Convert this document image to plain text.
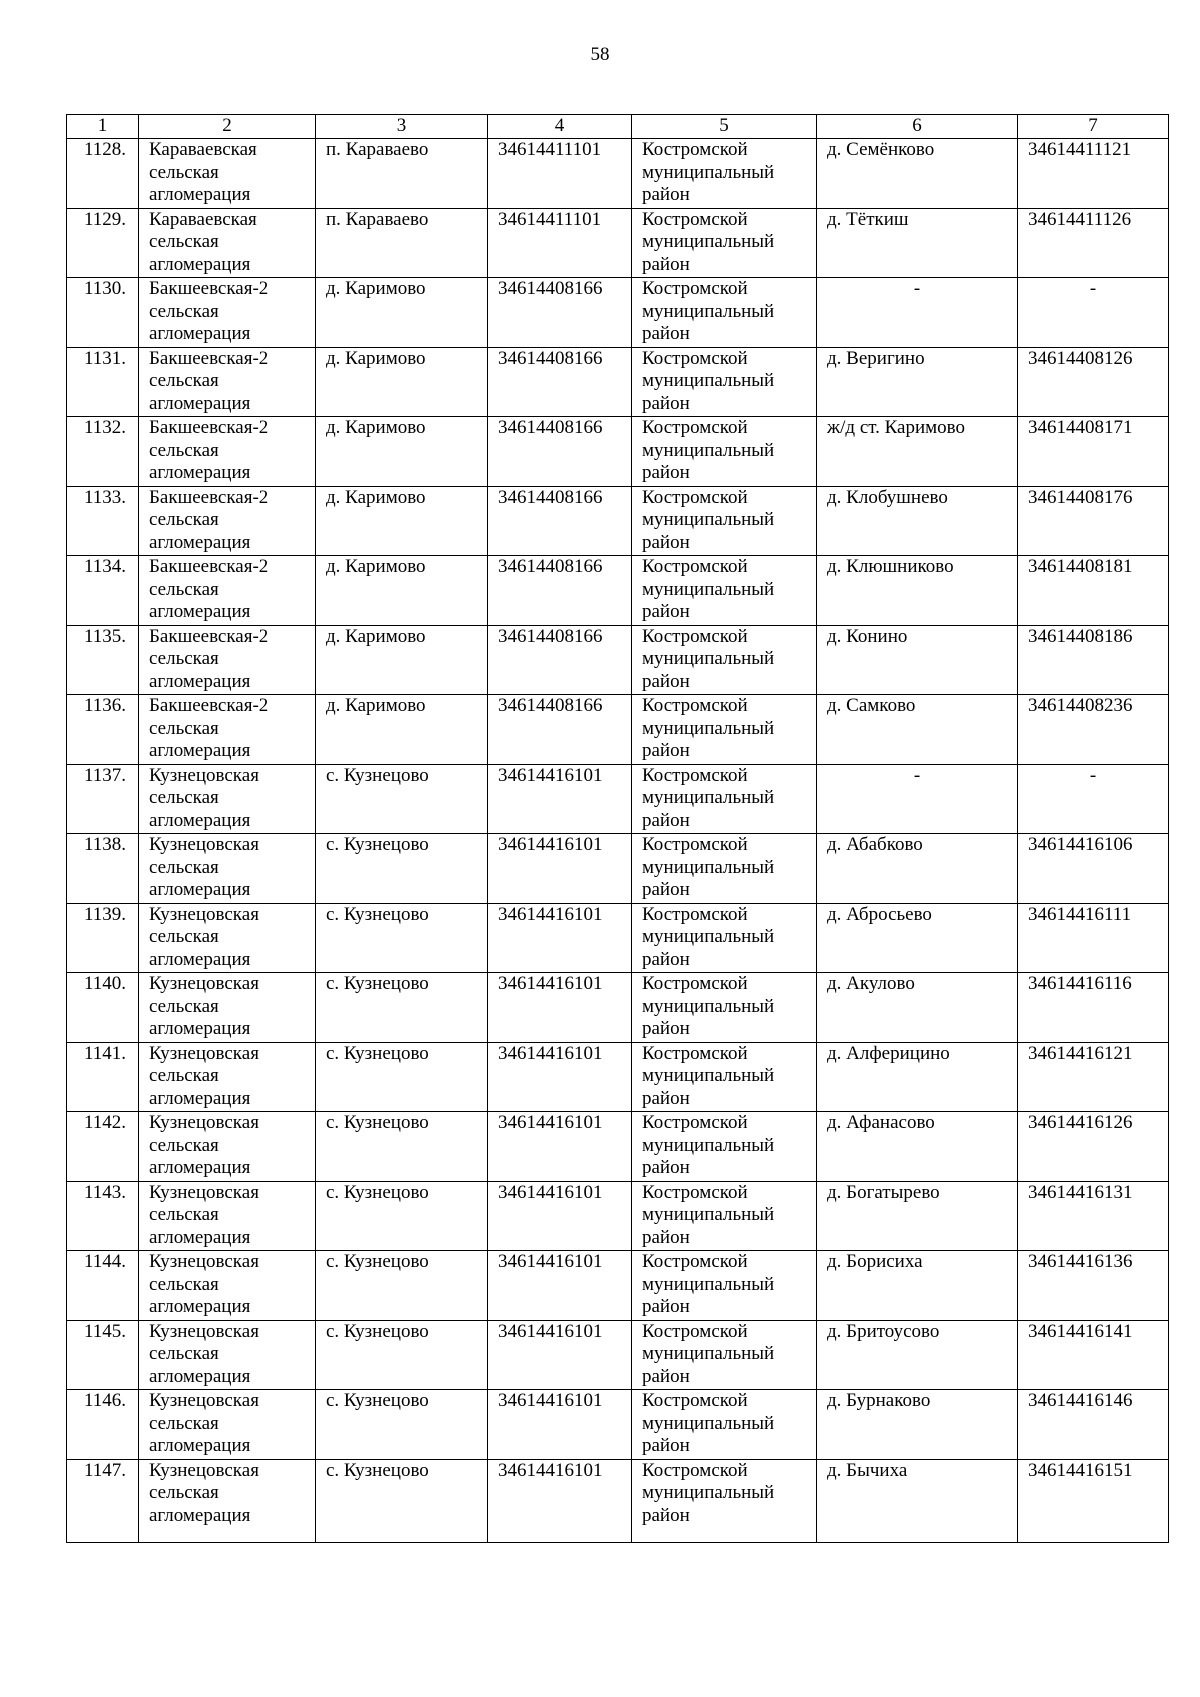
58
1	2	3	4	5	6	7
1128.	Караваевская сельская агломерация	п. Караваево	34614411101	Костромской муниципальный район	д. Семёнково	34614411121
1129.	Караваевская сельская агломерация	п. Караваево	34614411101	Костромской муниципальный район	д. Тёткиш	34614411126
1130.	Бакшеевская-2 сельская агломерация	д. Каримово	34614408166	Костромской муниципальный район	-	-
1131.	Бакшеевская-2 сельская агломерация	д. Каримово	34614408166	Костромской муниципальный район	д. Веригино	34614408126
1132.	Бакшеевская-2 сельская агломерация	д. Каримово	34614408166	Костромской муниципальный район	ж/д ст. Каримово	34614408171
1133.	Бакшеевская-2 сельская агломерация	д. Каримово	34614408166	Костромской муниципальный район	д. Клобушнево	34614408176
1134.	Бакшеевская-2 сельская агломерация	д. Каримово	34614408166	Костромской муниципальный район	д. Клюшниково	34614408181
1135.	Бакшеевская-2 сельская агломерация	д. Каримово	34614408166	Костромской муниципальный район	д. Конино	34614408186
1136.	Бакшеевская-2 сельская агломерация	д. Каримово	34614408166	Костромской муниципальный район	д. Самково	34614408236
1137.	Кузнецовская сельская агломерация	с. Кузнецово	34614416101	Костромской муниципальный район	-	-
1138.	Кузнецовская сельская агломерация	с. Кузнецово	34614416101	Костромской муниципальный район	д. Абабково	34614416106
1139.	Кузнецовская сельская агломерация	с. Кузнецово	34614416101	Костромской муниципальный район	д. Абросьево	34614416111
1140.	Кузнецовская сельская агломерация	с. Кузнецово	34614416101	Костромской муниципальный район	д. Акулово	34614416116
1141.	Кузнецовская сельская агломерация	с. Кузнецово	34614416101	Костромской муниципальный район	д. Алферицино	34614416121
1142.	Кузнецовская сельская агломерация	с. Кузнецово	34614416101	Костромской муниципальный район	д. Афанасово	34614416126
1143.	Кузнецовская сельская агломерация	с. Кузнецово	34614416101	Костромской муниципальный район	д. Богатырево	34614416131
1144.	Кузнецовская сельская агломерация	с. Кузнецово	34614416101	Костромской муниципальный район	д. Борисиха	34614416136
1145.	Кузнецовская сельская агломерация	с. Кузнецово	34614416101	Костромской муниципальный район	д. Бритоусово	34614416141
1146.	Кузнецовская сельская агломерация	с. Кузнецово	34614416101	Костромской муниципальный район	д. Бурнаково	34614416146
1147.	Кузнецовская сельская агломерация	с. Кузнецово	34614416101	Костромской муниципальный район	д. Бычиха	34614416151
